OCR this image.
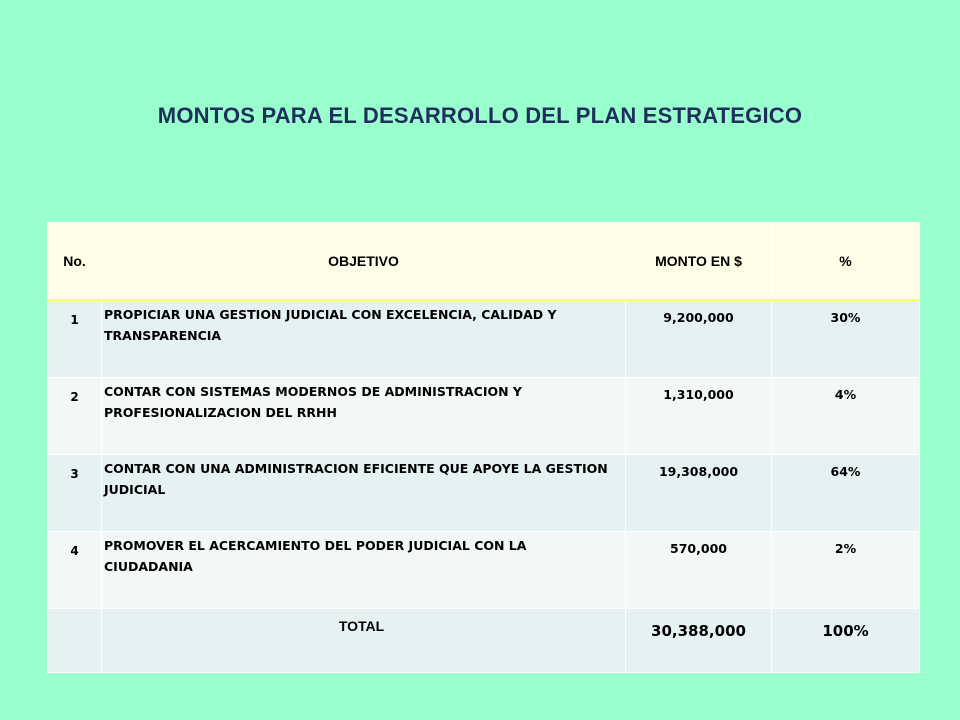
MONTOS PARA EL DESARROLLO DEL PLAN ESTRATEGICO
No.	OBJETIVO	MONTO EN $	%
1	PROPICIAR UNA GESTION JUDICIAL CON EXCELENCIA, CALIDAD Y TRANSPARENCIA	9,200,000	30%
2	CONTAR CON SISTEMAS MODERNOS DE ADMINISTRACION Y PROFESIONALIZACION DEL RRHH	1,310,000	4%
3	CONTAR CON UNA ADMINISTRACION EFICIENTE QUE APOYE LA GESTION JUDICIAL	19,308,000	64%
4	PROMOVER EL ACERCAMIENTO DEL PODER JUDICIAL CON LA CIUDADANIA	570,000	2%
	TOTAL	30,388,000	100%
